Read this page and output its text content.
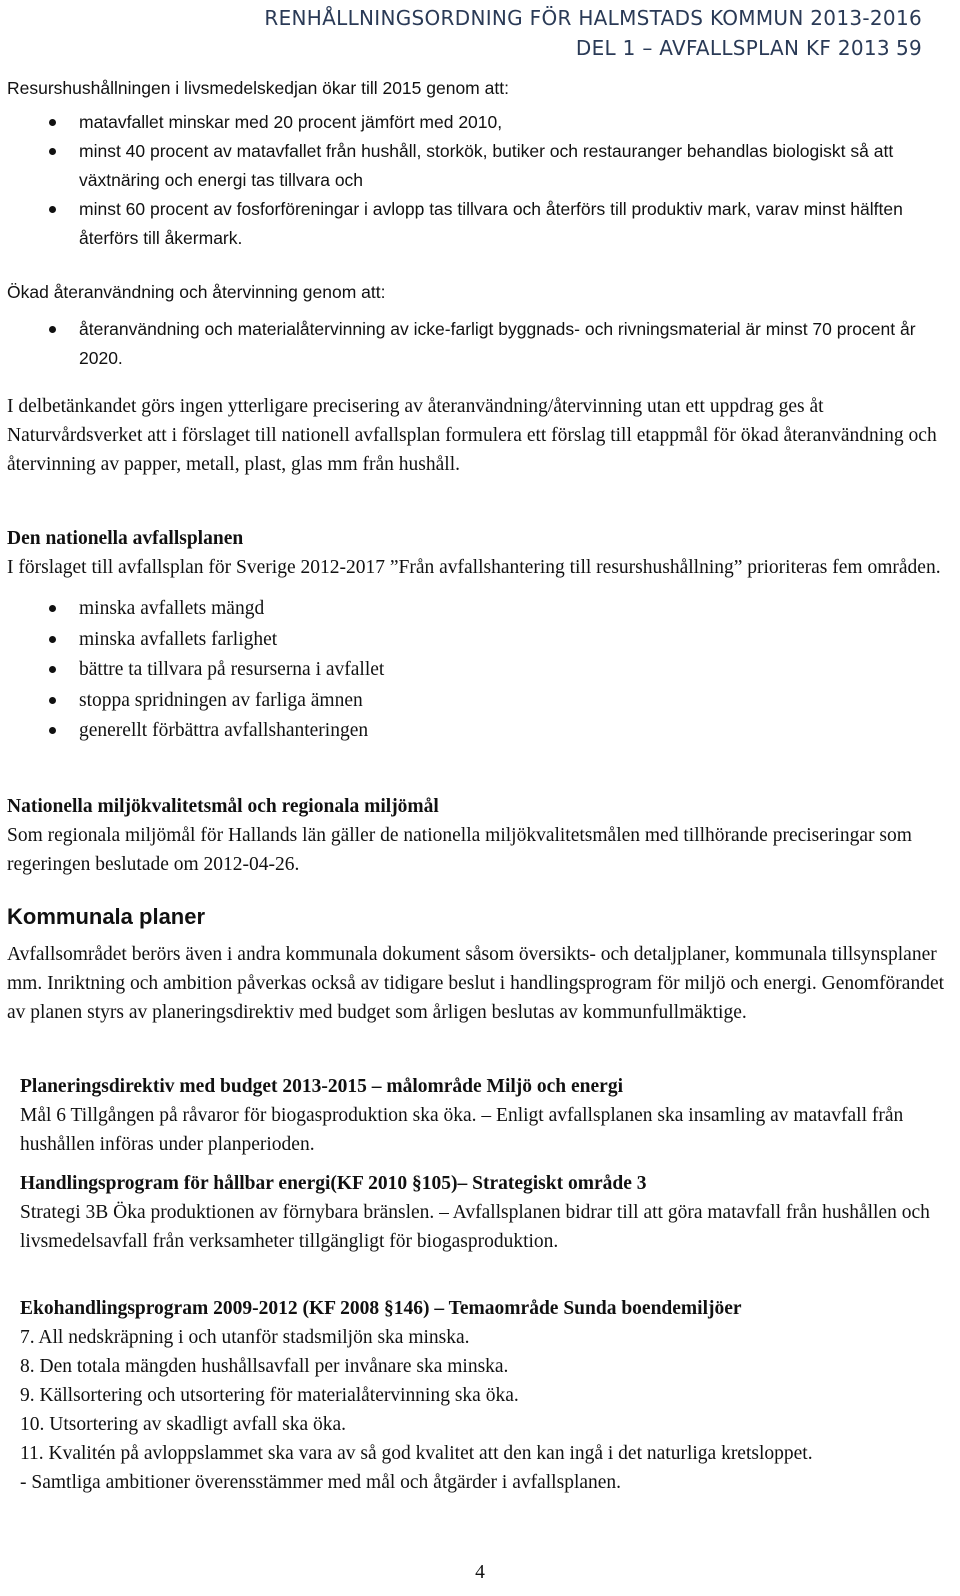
RENHÅLLNINGSORDNING FÖR HALMSTADS KOMMUN 2013-2016
DEL 1 – AVFALLSPLAN KF 2013 59

Resurshushållningen i livsmedelskedjan ökar till 2015 genom att:

matavfallet minskar med 20 procent jämfört med 2010,
minst 40 procent av matavfallet från hushåll, storkök, butiker och restauranger behandlas biologiskt så att växtnäring och energi tas tillvara och
minst 60 procent av fosforföreningar i avlopp tas tillvara och återförs till produktiv mark, varav minst hälften återförs till åkermark.

Ökad återanvändning och återvinning genom att:

återanvändning och materialåtervinning av icke-farligt byggnads- och rivningsmaterial är minst 70 procent år 2020.

I delbetänkandet görs ingen ytterligare precisering av återanvändning/återvinning utan ett uppdrag ges åt Naturvårdsverket att i förslaget till nationell avfallsplan formulera ett förslag till etappmål för ökad återanvändning och återvinning av papper, metall, plast, glas mm från hushåll.

Den nationella avfallsplanen

I förslaget till avfallsplan för Sverige 2012-2017 ”Från avfallshantering till resurshushållning” prioriteras fem områden.

minska avfallets mängd
minska avfallets farlighet
bättre ta tillvara på resurserna i avfallet
stoppa spridningen av farliga ämnen
generellt förbättra avfallshanteringen

Nationella miljökvalitetsmål och regionala miljömål

Som regionala miljömål för Hallands län gäller de nationella miljökvalitetsmålen med tillhörande preciseringar som regeringen beslutade om 2012-04-26.

Kommunala planer

Avfallsområdet berörs även i andra kommunala dokument såsom översikts- och detaljplaner, kommunala tillsynsplaner mm. Inriktning och ambition påverkas också av tidigare beslut i handlingsprogram för miljö och energi. Genomförandet av planen styrs av planeringsdirektiv med budget som årligen beslutas av kommunfullmäktige.

Planeringsdirektiv med budget 2013-2015 – målområde Miljö och energi

Mål 6 Tillgången på råvaror för biogasproduktion ska öka. – Enligt avfallsplanen ska insamling av matavfall från hushållen införas under planperioden.

Handlingsprogram för hållbar energi(KF 2010 §105)– Strategiskt område 3

Strategi 3B Öka produktionen av förnybara bränslen. – Avfallsplanen bidrar till att göra matavfall från hushållen och livsmedelsavfall från verksamheter tillgängligt för biogasproduktion.

Ekohandlingsprogram 2009-2012 (KF 2008 §146) – Temaområde Sunda boendemiljöer

7. All nedskräpning i och utanför stadsmiljön ska minska.

8. Den totala mängden hushållsavfall per invånare ska minska.

9. Källsortering och utsortering för materialåtervinning ska öka.

10. Utsortering av skadligt avfall ska öka.

11. Kvalitén på avloppslammet ska vara av så god kvalitet att den kan ingå i det naturliga kretsloppet.

- Samtliga ambitioner överensstämmer med mål och åtgärder i avfallsplanen.

4
